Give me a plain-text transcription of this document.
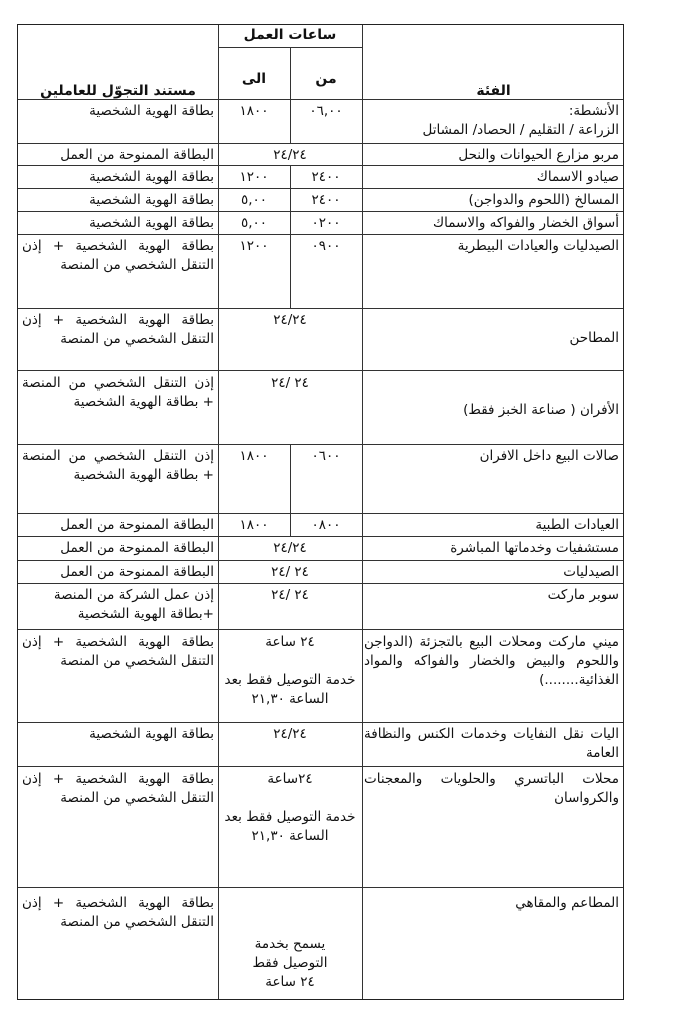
ساعات العمل
من
الى
الفئة
مستند التجوّل للعاملين
الأنشطة:
الزراعة / التقليم / الحصاد/ المشاتل
٠٦,٠٠
١٨٠٠
بطاقة الهوية الشخصية
مربو مزارع الحيوانات والنحل
٢٤/٢٤
البطاقة الممنوحة من العمل
صيادو الاسماك
٢٤٠٠
١٢٠٠
بطاقة الهوية الشخصية
المسالخ (اللحوم والدواجن)
٢٤٠٠
٥,٠٠
بطاقة الهوية الشخصية
أسواق الخضار والفواكه والاسماك
٠٢٠٠
٥,٠٠
بطاقة الهوية الشخصية
الصيدليات والعيادات البيطرية
٠٩٠٠
١٢٠٠
بطاقة الهوية الشخصية + إذن التنقل الشخصي من المنصة
المطاحن
٢٤/٢٤
بطاقة الهوية الشخصية + إذن التنقل الشخصي من المنصة
الأفران ( صناعة الخبز فقط)
٢٤ /٢٤
إذن التنقل الشخصي من المنصة + بطاقة الهوية الشخصية
صالات البيع داخل الافران
٠٦٠٠
١٨٠٠
إذن التنقل الشخصي من المنصة + بطاقة الهوية الشخصية
العيادات الطبية
٠٨٠٠
١٨٠٠
البطاقة الممنوحة من العمل
مستشفيات وخدماتها المباشرة
٢٤/٢٤
البطاقة الممنوحة من العمل
الصيدليات
٢٤ /٢٤
البطاقة الممنوحة من العمل
سوبر ماركت
٢٤ /٢٤
إذن عمل الشركة من المنصة +بطاقة الهوية الشخصية
ميني ماركت ومحلات البيع بالتجزئة (الدواجن واللحوم والبيض والخضار والفواكه والمواد الغذائية........)
٢٤ ساعة
خدمة التوصيل فقط بعد الساعة ٢١,٣٠
بطاقة الهوية الشخصية + إذن التنقل الشخصي من المنصة
اليات نقل النفايات وخدمات الكنس والنظافة العامة
٢٤/٢٤
بطاقة الهوية الشخصية
محلات الباتسري والحلويات والمعجنات والكرواسان
٢٤ساعة
خدمة التوصيل فقط بعد الساعة ٢١,٣٠
بطاقة الهوية الشخصية + إذن التنقل الشخصي من المنصة
المطاعم والمقاهي
يسمح بخدمة التوصيل فقط ٢٤ ساعة
بطاقة الهوية الشخصية + إذن التنقل الشخصي من المنصة
